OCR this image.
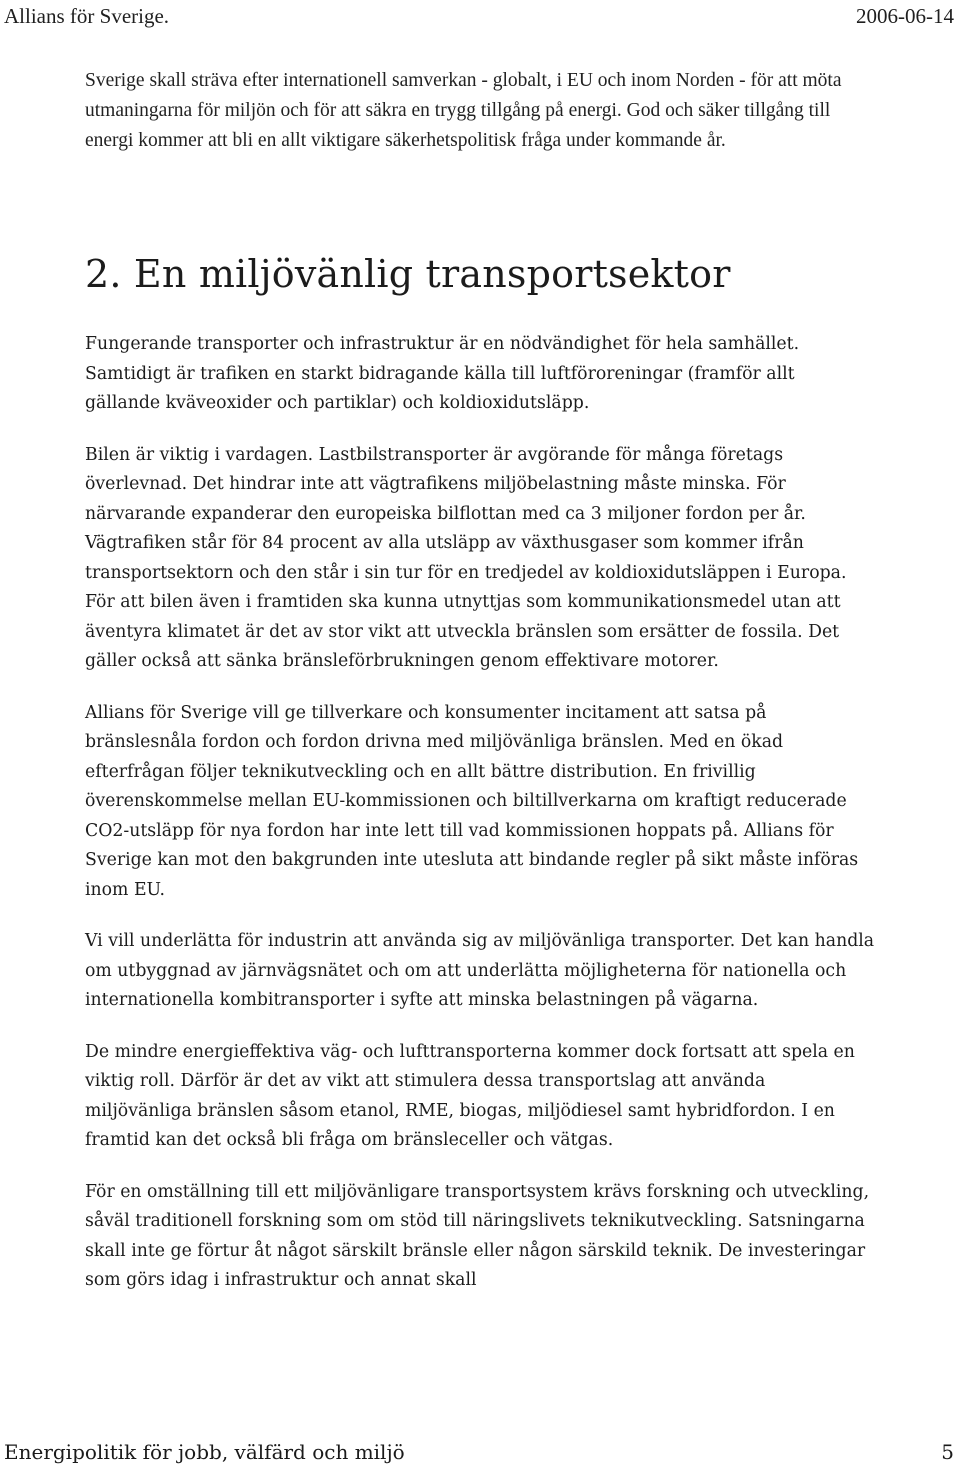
Allians för Sverige.	2006-06-14

Sverige skall sträva efter internationell samverkan - globalt, i EU och inom Norden - för att möta utmaningarna för miljön och för att säkra en trygg tillgång på energi. God och säker tillgång till energi kommer att bli en allt viktigare säkerhetspolitisk fråga under kommande år.

2. En miljövänlig transportsektor

Fungerande transporter och infrastruktur är en nödvändighet för hela samhället. Samtidigt är trafiken en starkt bidragande källa till luftföroreningar (framför allt gällande kväveoxider och partiklar) och koldioxidutsläpp.

Bilen är viktig i vardagen. Lastbilstransporter är avgörande för många företags överlevnad. Det hindrar inte att vägtrafikens miljöbelastning måste minska. För närvarande expanderar den europeiska bilflottan med ca 3 miljoner fordon per år. Vägtrafiken står för 84 procent av alla utsläpp av växthusgaser som kommer ifrån transportsektorn och den står i sin tur för en tredjedel av koldioxidutsläppen i Europa. För att bilen även i framtiden ska kunna utnyttjas som kommunikationsmedel utan att äventyra klimatet är det av stor vikt att utveckla bränslen som ersätter de fossila. Det gäller också att sänka bränsleförbrukningen genom effektivare motorer.

Allians för Sverige vill ge tillverkare och konsumenter incitament att satsa på bränslesnåla fordon och fordon drivna med miljövänliga bränslen. Med en ökad efterfrågan följer teknikutveckling och en allt bättre distribution. En frivillig överenskommelse mellan EU-kommissionen och biltillverkarna om kraftigt reducerade CO2-utsläpp för nya fordon har inte lett till vad kommissionen hoppats på. Allians för Sverige kan mot den bakgrunden inte utesluta att bindande regler på sikt måste införas inom EU.

Vi vill underlätta för industrin att använda sig av miljövänliga transporter. Det kan handla om utbyggnad av järnvägsnätet och om att underlätta möjligheterna för nationella och internationella kombitransporter i syfte att minska belastningen på vägarna.

De mindre energieffektiva väg- och lufttransporterna kommer dock fortsatt att spela en viktig roll. Därför är det av vikt att stimulera dessa transportslag att använda miljövänliga bränslen såsom etanol, RME, biogas, miljödiesel samt hybridfordon. I en framtid kan det också bli fråga om bränsleceller och vätgas.

För en omställning till ett miljövänligare transportsystem krävs forskning och utveckling, såväl traditionell forskning som om stöd till näringslivets teknikutveckling. Satsningarna skall inte ge förtur åt något särskilt bränsle eller någon särskild teknik. De investeringar som görs idag i infrastruktur och annat skall

Energipolitik för jobb, välfärd och miljö	5
